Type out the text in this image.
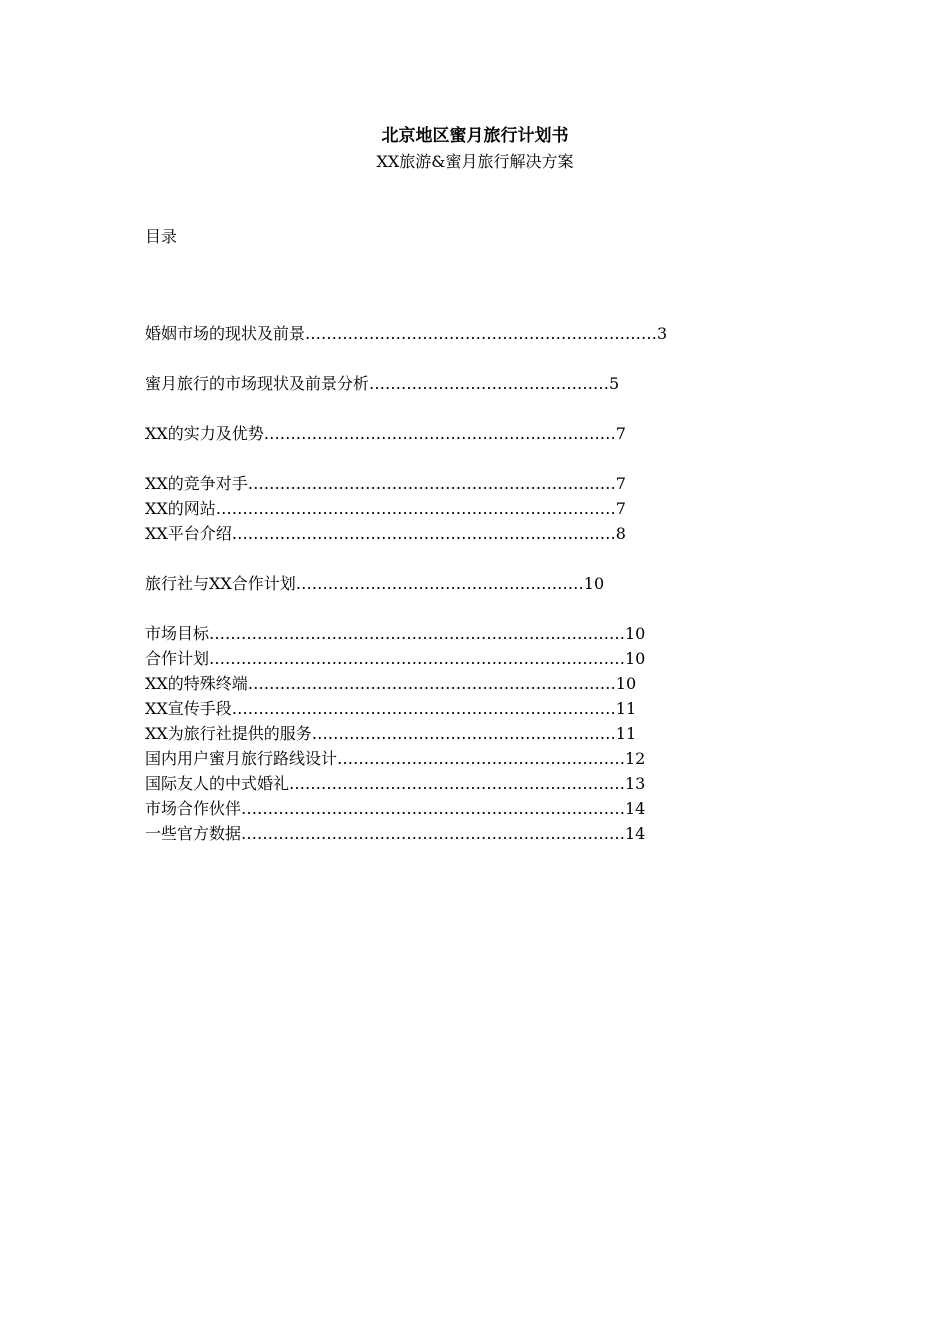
北京地区蜜月旅行计划书
XX旅游&蜜月旅行解决方案
目录
婚姻市场的现状及前景…………………………………………………………3
蜜月旅行的市场现状及前景分析………………………………………5
XX的实力及优势…………………………………………………………7
XX的竞争对手……………………………………………………………7
XX的网站…………………………………………………………………7
XX平台介绍………………………………………………………………8
旅行社与XX合作计划………………………………………………10
市场目标……………………………………………………………………10
合作计划……………………………………………………………………10
XX的特殊终端……………………………………………………………10
XX宣传手段………………………………………………………………11
XX为旅行社提供的服务…………………………………………………11
国内用户蜜月旅行路线设计………………………………………………12
国际友人的中式婚礼………………………………………………………13
市场合作伙伴………………………………………………………………14
一些官方数据………………………………………………………………14
